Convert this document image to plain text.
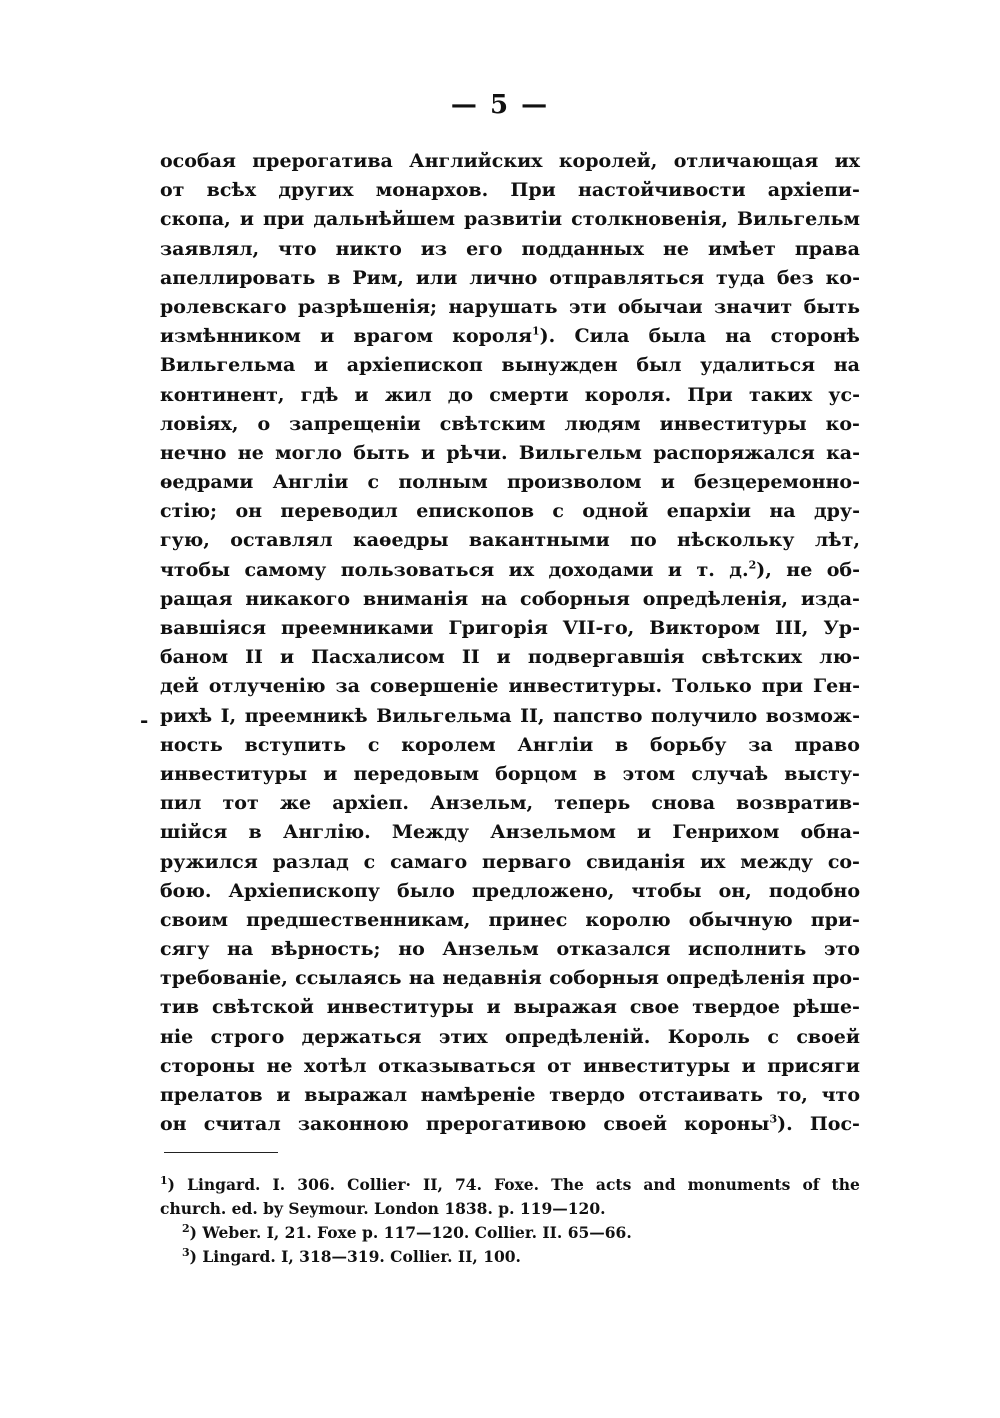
— 5 —
‑
особая прерогатива Английских королей, отличающая их
от всѣх других монархов. При настойчивости архіепи-
скопа, и при дальнѣйшем развитіи столкновенія, Вильгельм
заявлял, что никто из его подданных не имѣет права
апеллировать в Рим, или лично отправляться туда без ко-
ролевскаго разрѣшенія; нарушать эти обычаи значит быть
измѣнником и врагом короля$^1$). Сила была на сторонѣ
Вильгельма и архіепископ вынужден был удалиться на
континент, гдѣ и жил до смерти короля. При таких ус-
ловіях, о запрещеніи свѣтским людям инвеституры ко-
нечно не могло быть и рѣчи. Вильгельм распоряжался ка-
ѳедрами Англіи с полным произволом и безцеремонно-
стію; он переводил епископов с одной епархіи на дру-
гую, оставлял каѳедры вакантными по нѣскольку лѣт,
чтобы самому пользоваться их доходами и т. д.$^2$), не об-
ращая никакого вниманія на соборныя опредѣленія, изда-
вавшіяся преемниками Григорія VII-го, Виктором III, Ур-
баном II и Пасхалисом II и подвергавшія свѣтских лю-
дей отлученію за совершеніе инвеституры. Только при Ген-
рихѣ I, преемникѣ Вильгельма II, папство получило возмож-
ность вступить с королем Англіи в борьбу за право
инвеституры и передовым борцом в этом случаѣ высту-
пил тот же архіеп. Анзельм, теперь снова возвратив-
шійся в Англію. Между Анзельмом и Генрихом обна-
ружился разлад с самаго перваго свиданія их между со-
бою. Архіепископу было предложено, чтобы он, подобно
своим предшественникам, принес королю обычную при-
сягу на вѣрность; но Анзельм отказался исполнить это
требованіе, ссылаясь на недавнія соборныя опредѣленія про-
тив свѣтской инвеституры и выражая свое твердое рѣше-
ніе строго держаться этих опредѣленій. Король с своей
стороны не хотѣл отказываться от инвеституры и присяги
прелатов и выражал намѣреніе твердо отстаивать то, что
он считал законною прерогативою своей короны$^3$). Пос-
$^1$) Lingard. I. 306. Collier· II, 74. Foxe. The acts and monuments of the
church. ed. by Seymour. London 1838. p. 119—120.
$^2$) Weber. I, 21. Foxe p. 117—120. Collier. II. 65—66.
$^3$) Lingard. I, 318—319. Collier. II, 100.
